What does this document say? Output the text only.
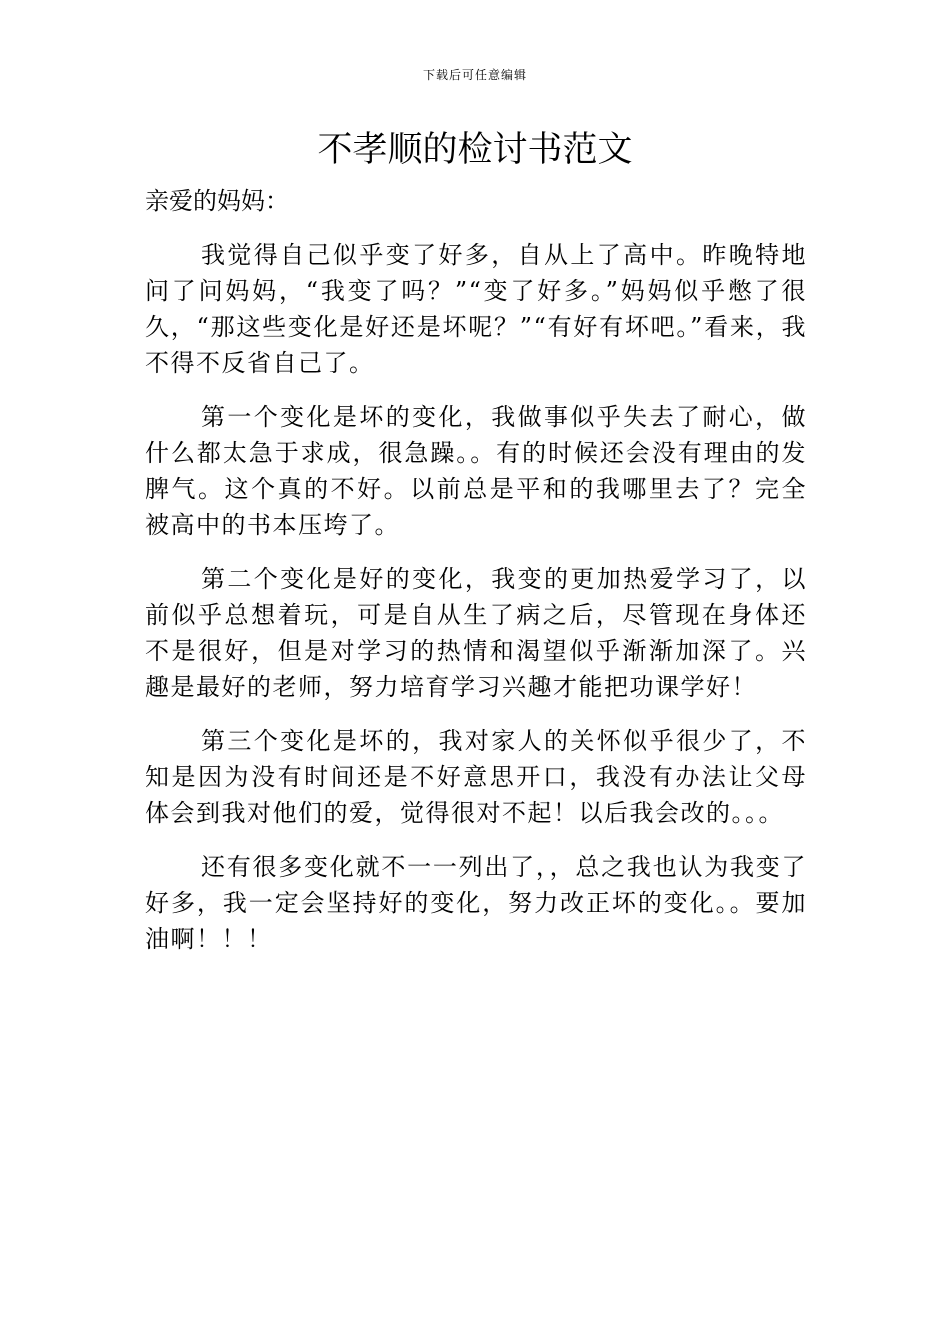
下载后可任意编辑
不孝顺的检讨书范文

亲爱的妈妈：

我觉得自己似乎变了好多，自从上了高中。昨晚特地问了问妈妈，“我变了吗？”“变了好多。”妈妈似乎憋了很久，“那这些变化是好还是坏呢？”“有好有坏吧。”看来，我不得不反省自己了。

第一个变化是坏的变化，我做事似乎失去了耐心，做什么都太急于求成，很急躁。。有的时候还会没有理由的发脾气。这个真的不好。以前总是平和的我哪里去了？完全被高中的书本压垮了。

第二个变化是好的变化，我变的更加热爱学习了，以前似乎总想着玩，可是自从生了病之后，尽管现在身体还不是很好，但是对学习的热情和渴望似乎渐渐加深了。兴趣是最好的老师，努力培育学习兴趣才能把功课学好！

第三个变化是坏的，我对家人的关怀似乎很少了，不知是因为没有时间还是不好意思开口，我没有办法让父母体会到我对他们的爱，觉得很对不起！以后我会改的。。。

还有很多变化就不一一列出了，，总之我也认为我变了好多，我一定会坚持好的变化，努力改正坏的变化。。要加油啊！！！
